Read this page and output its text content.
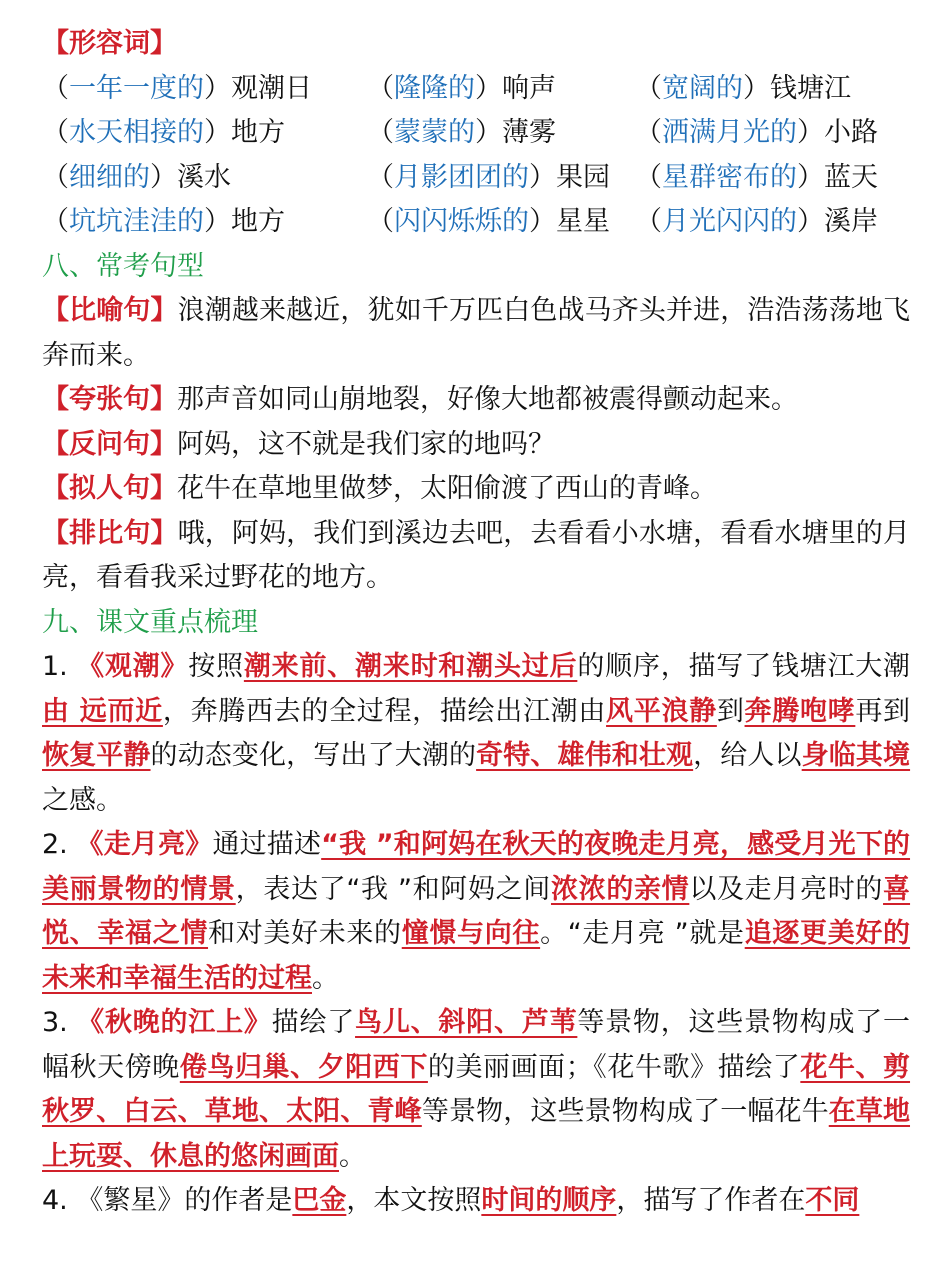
【形容词】
（一年一度的）观潮日	（隆隆的）响声	（宽阔的）钱塘江
（水天相接的）地方	（蒙蒙的）薄雾	（洒满月光的）小路
（细细的）溪水	（月影团团的）果园 （星群密布的）蓝天
（坑坑洼洼的）地方	（闪闪烁烁的）星星 （月光闪闪的）溪岸
八、常考句型
【比喻句】浪潮越来越近，犹如千万匹白色战马齐头并进，浩浩荡荡地飞奔而来。
【夸张句】那声音如同山崩地裂，好像大地都被震得颤动起来。
【反问句】阿妈，这不就是我们家的地吗？
【拟人句】花牛在草地里做梦，太阳偷渡了西山的青峰。
【排比句】哦，阿妈，我们到溪边去吧，去看看小水塘，看看水塘里的月亮，看看我采过野花的地方。
九、课文重点梳理
1. 《观潮》按照潮来前、潮来时和潮头过后的顺序，描写了钱塘江大潮由 远而近，奔腾西去的全过程，描绘出江潮由风平浪静到奔腾咆哮再到恢复平静的动态变化，写出了大潮的奇特、雄伟和壮观，给人以身临其境之感。
2. 《走月亮》通过描述“我 ”和阿妈在秋天的夜晚走月亮，感受月光下的 美丽景物的情景，表达了“我 ”和阿妈之间浓浓的亲情以及走月亮时的喜 悦、幸福之情和对美好未来的憧憬与向往。“走月亮 ”就是追逐更美好的未来和幸福生活的过程。
3. 《秋晚的江上》描绘了鸟儿、斜阳、芦苇等景物，这些景物构成了一幅秋天傍晚倦鸟归巢、夕阳西下的美丽画面；《花牛歌》描绘了花牛、剪秋罗、白云、草地、太阳、青峰等景物，这些景物构成了一幅花牛在草地上玩耍、休息的悠闲画面。
4. 《繁星》的作者是巴金，本文按照时间的顺序，描写了作者在不同
